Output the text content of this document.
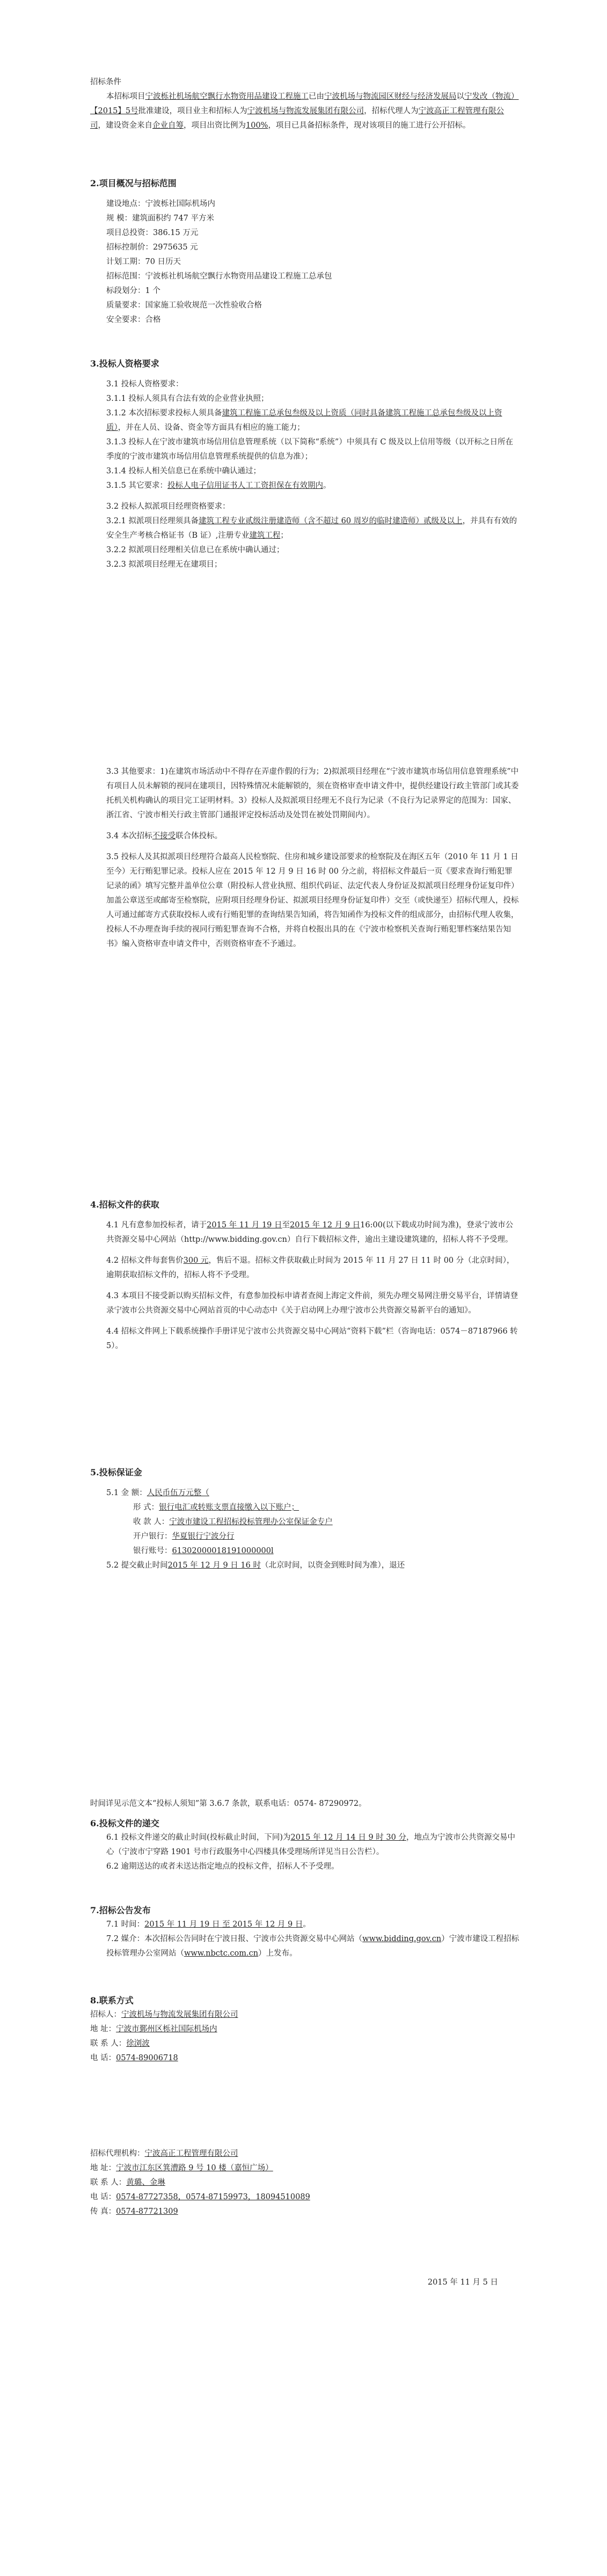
招标条件

本招标项目宁波栎社机场航空飘行水物资用品建设工程施工已由宁波机场与物流园区财经与经济发展局以宁发改（物流）【2015】5号批准建设，项目业主和招标人为宁波机场与物流发展集团有限公司，招标代理人为宁波高正工程管理有限公司，建设资金来自企业自筹，项目出资比例为100%，项目已具备招标条件，现对该项目的施工进行公开招标。

2.项目概况与招标范围

建设地点：宁波栎社国际机场内

规 模：建筑面积约 747 平方米

项目总投资：386.15 万元

招标控制价：2975635 元

计划工期：70 日历天

招标范围：宁波栎社机场航空飘行水物资用品建设工程施工总承包

标段划分：1 个

质量要求：国家施工验收规范一次性验收合格

安全要求：合格

3.投标人资格要求

3.1 投标人资格要求：

3.1.1 投标人须具有合法有效的企业营业执照；

3.1.2 本次招标要求投标人须具备建筑工程施工总承包叁级及以上资质（同时具备建筑工程施工总承包叁级及以上资质），并在人员、设备、资金等方面具有相应的施工能力；

3.1.3 投标人在宁波市建筑市场信用信息管理系统（以下简称“系统”）中须具有 C 级及以上信用等级（以开标之日所在季度的宁波市建筑市场信用信息管理系统提供的信息为准）；

3.1.4 投标人相关信息已在系统中确认通过；

3.1.5 其它要求：投标人电子信用证书人工工资担保在有效期内。

3.2 投标人拟派项目经理资格要求：

3.2.1 拟派项目经理须具备建筑工程专业贰级注册建造师（含不超过 60 周岁的临时建造师）贰级及以上，并具有有效的安全生产考核合格证书（B 证）,注册专业建筑工程；

3.2.2 拟派项目经理相关信息已在系统中确认通过；

3.2.3 拟派项目经理无在建项目；

3.3 其他要求：1)在建筑市场活动中不得存在弄虚作假的行为；2)拟派项目经理在“宁波市建筑市场信用信息管理系统”中有项目人员未解锁的视同在建项目，因特殊情况未能解锁的，须在资格审查申请文件中，提供经建设行政主管部门或其委托机关机构确认的项目完工证明材料。3）投标人及拟派项目经理无不良行为记录（不良行为记录界定的范围为：国家、浙江省、宁波市相关行政主管部门通报评定投标活动及处罚在被处罚期间内）。

3.4 本次招标不接受联合体投标。

3.5 投标人及其拟派项目经理符合最高人民检察院、住房和城乡建设部要求的检察院及在海区五年（2010 年 11 月 1 日至今）无行贿犯罪记录。投标人应在 2015 年 12 月 9 日 16 时 00 分之前，将招标文件最后一页《要求查询行贿犯罪记录的函》填写完整并盖单位公章（附投标人营业执照、组织代码证、法定代表人身份证及拟派项目经理身份证复印件）加盖公章送至或邮寄至检察院，应附项目经理身份证、拟派项目经理身份证复印件）交至（或快递至）招标代理人，投标人可通过邮寄方式获取投标人或有行贿犯罪的查询结果告知函，将告知函作为投标文件的组成部分，由招标代理人收集，投标人不办理查询手续的视同行贿犯罪查询不合格，并将自校报出具的在《宁波市检察机关查询行贿犯罪档案结果告知书》编入资格审查申请文件中，否则资格审查不予通过。

4.招标文件的获取

4.1 凡有意参加投标者，请于2015 年 11 月 19 日至2015 年 12 月 9 日16:00(以下载成功时间为准)，登录宁波市公共资源交易中心网站（http://www.bidding.gov.cn）自行下载招标文件，逾出主建设建筑建的，招标人将不予受理。

4.2 招标文件每套售价300 元，售后不退。招标文件获取截止时间为 2015 年 11 月 27 日 11 时 00 分（北京时间），逾期获取招标文件的，招标人将不予受理。

4.3 本项目不接受新以购买招标文件，有意参加投标申请者查阅上海定文件前，须先办理交易网注册交易平台，详情请登录宁波市公共资源交易中心网站首页的中心动态中《关于启动网上办理宁波市公共资源交易新平台的通知》。

4.4 招标文件网上下载系统操作手册详见宁波市公共资源交易中心网站“资料下载”栏（咨询电话：0574－87187966 转 5）。

5.投标保证金

5.1 金 额：人民币伍万元整（

形 式：银行电汇或转账支票直接缴入以下账户；

收 款 人：宁波市建设工程招标投标管理办公室保证金专户

开户银行：华夏银行宁波分行

银行账号：61302000018191000000l

5.2 提交截止时间2015 年 12 月 9 日 16 时（北京时间，以资金到账时间为准），退还

时间详见示范文本“投标人须知”第 3.6.7 条款，联系电话：0574- 87290972。

6.投标文件的递交

6.1 投标文件递交的截止时间(投标截止时间，下同)为2015 年 12 月 14 日 9 时 30 分，地点为宁波市公共资源交易中心（宁波市宁穿路 1901 号市行政服务中心四楼具体受理场所详见当日公告栏）。

6.2 逾期送达的或者未送达指定地点的投标文件，招标人不予受理。

7.招标公告发布

7.1 时间：2015 年 11 月 19 日 至 2015 年 12 月 9 日。

7.2 媒介：本次招标公告同时在宁波日报、宁波市公共资源交易中心网站（www.bidding.gov.cn）宁波市建设工程招标投标管理办公室网站（www.nbctc.com.cn）上发布。

8.联系方式

招标人：宁波机场与物流发展集团有限公司

地 址：宁波市鄞州区栎社国际机场内

联 系 人：徐浏波

电 话：0574-89006718

招标代理机构：宁波高正工程管理有限公司

地 址：宁波市江东区箕漕路 9 号 10 楼（嘉恒广场）

联 系 人：黄璐、金琳

电 话：0574-87727358，0574-87159973，18094510089

传 真：0574-87721309

2015 年 11 月 5 日
